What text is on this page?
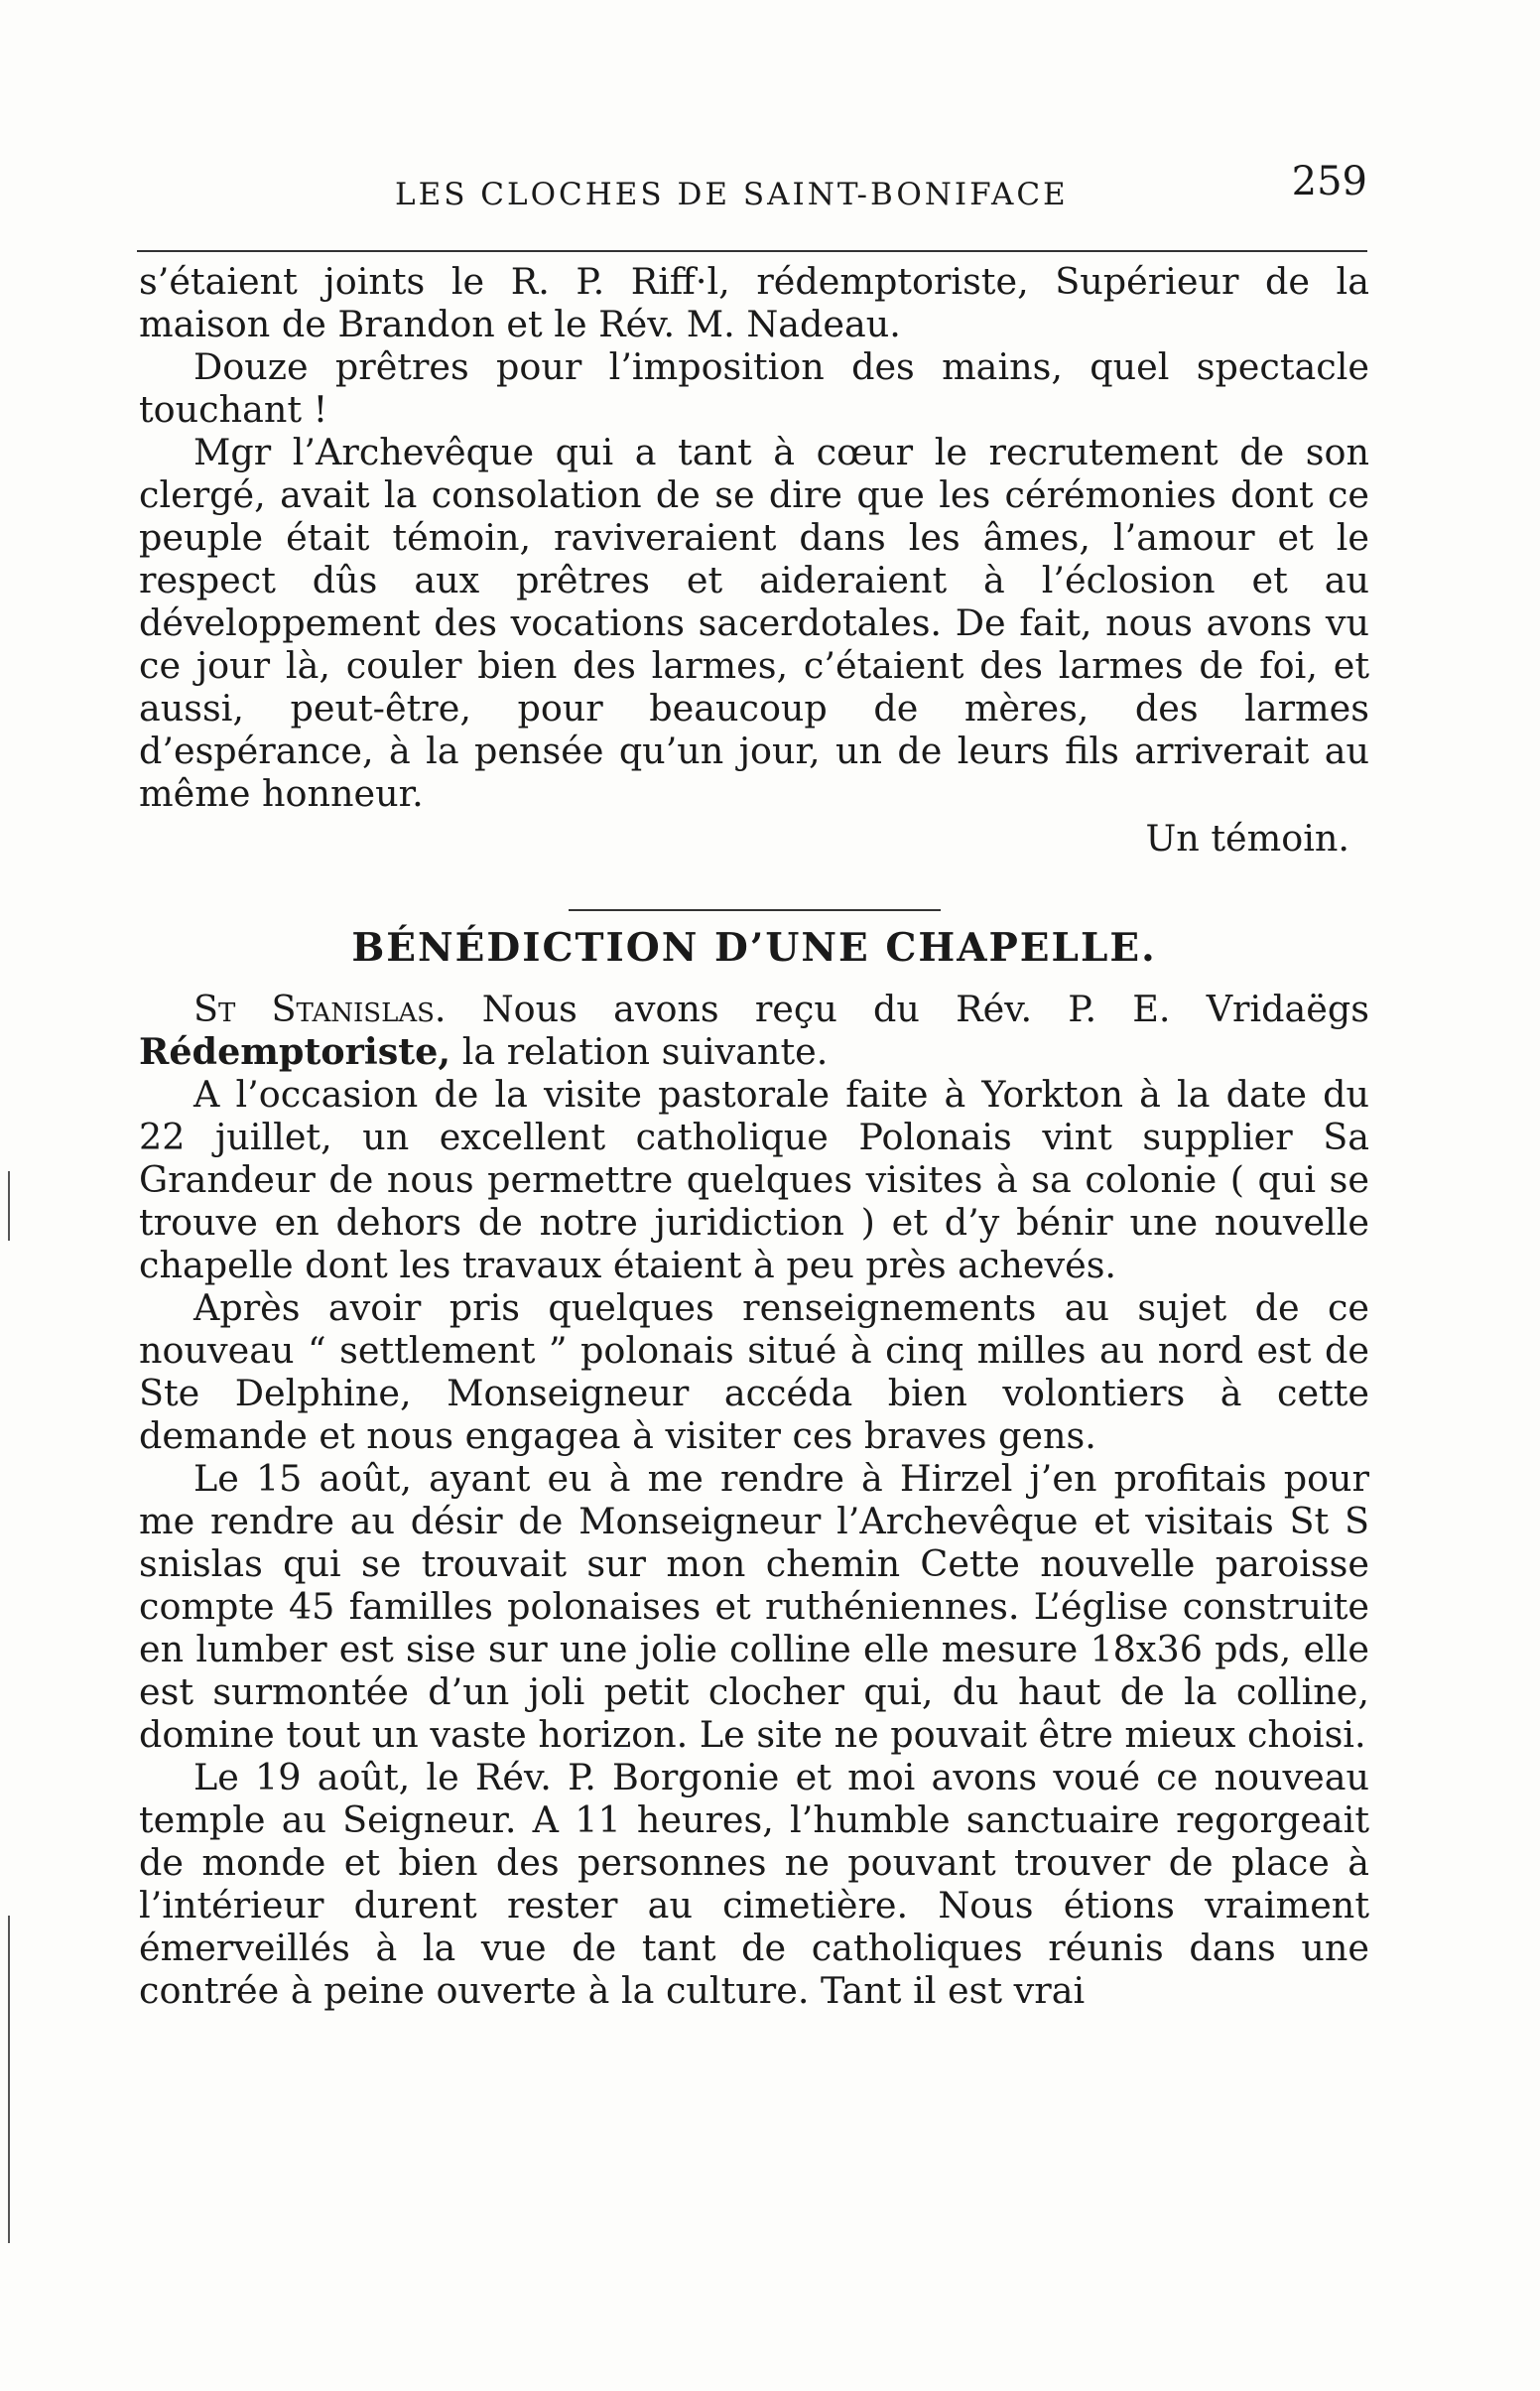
LES CLOCHES DE SAINT-BONIFACE	259

s’étaient joints le R. P. Riff·l, rédemptoriste, Supérieur de la maison de Brandon et le Rév. M. Nadeau.

Douze prêtres pour l’imposition des mains, quel spectacle touchant !

Mgr l’Archevêque qui a tant à cœur le recrutement de son clergé, avait la consolation de se dire que les cérémonies dont ce peuple était témoin, raviveraient dans les âmes, l’amour et le respect dûs aux prêtres et aideraient à l’éclosion et au développement des vocations sacerdotales. De fait, nous avons vu ce jour là, couler bien des larmes, c’étaient des larmes de foi, et aussi, peut-être, pour beaucoup de mères, des larmes d’espérance, à la pensée qu’un jour, un de leurs fils arriverait au même honneur.

Un témoin.
BÉNÉDICTION D’UNE CHAPELLE.

St Stanislas. Nous avons reçu du Rév. P. E. Vridaëgs Rédemptoriste, la relation suivante.

A l’occasion de la visite pastorale faite à Yorkton à la date du 22 juillet, un excellent catholique Polonais vint supplier Sa Grandeur de nous permettre quelques visites à sa colonie ( qui se trouve en dehors de notre juridiction ) et d’y bénir une nouvelle chapelle dont les travaux étaient à peu près achevés.

Après avoir pris quelques renseignements au sujet de ce nouveau “ settlement ” polonais situé à cinq milles au nord est de Ste Delphine, Monseigneur accéda bien volontiers à cette demande et nous engagea à visiter ces braves gens.

Le 15 août, ayant eu à me rendre à Hirzel j’en profitais pour me rendre au désir de Monseigneur l’Archevêque et visitais St S snislas qui se trouvait sur mon chemin Cette nouvelle paroisse compte 45 familles polonaises et ruthéniennes. L’église construite en lumber est sise sur une jolie colline elle mesure 18x36 pds, elle est surmontée d’un joli petit clocher qui, du haut de la colline, domine tout un vaste horizon. Le site ne pouvait être mieux choisi.

Le 19 août, le Rév. P. Borgonie et moi avons voué ce nouveau temple au Seigneur. A 11 heures, l’humble sanctuaire regorgeait de monde et bien des personnes ne pouvant trouver de place à l’intérieur durent rester au cimetière. Nous étions vraiment émerveillés à la vue de tant de catholiques réunis dans une contrée à peine ouverte à la culture. Tant il est vrai
